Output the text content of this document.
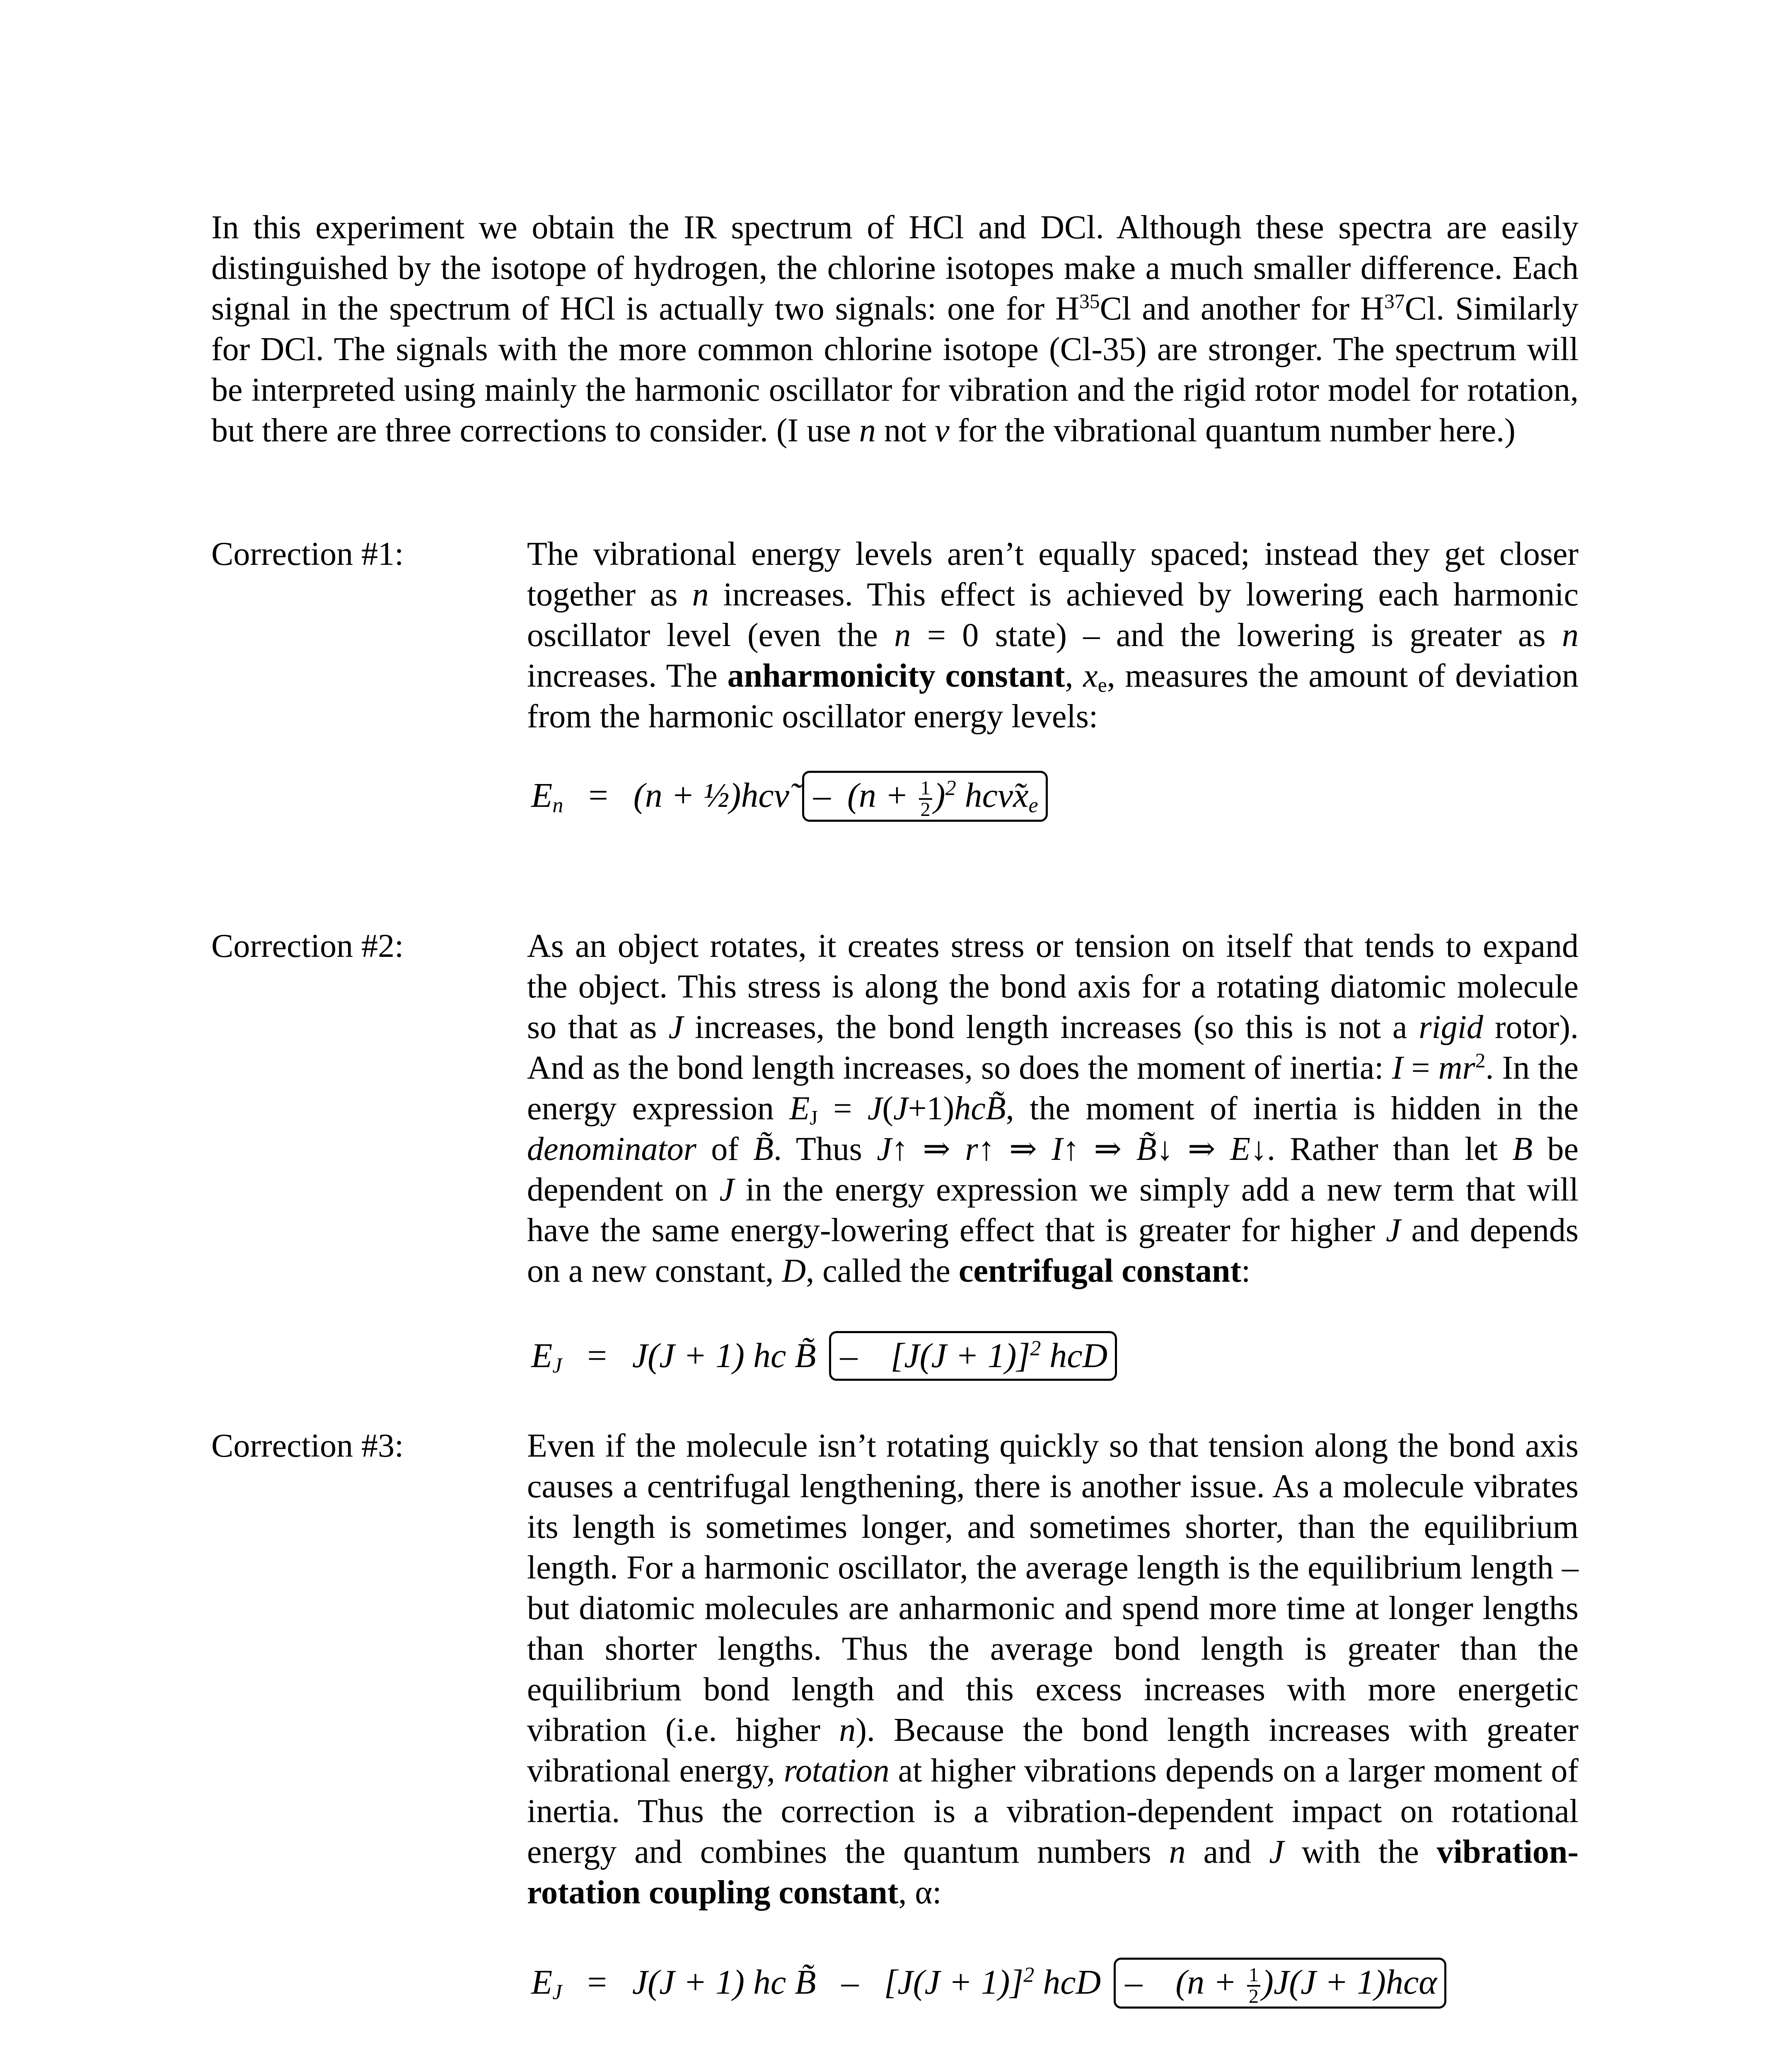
In this experiment we obtain the IR spectrum of HCl and DCl. Although these spectra are easily distinguished by the isotope of hydrogen, the chlorine isotopes make a much smaller difference. Each signal in the spectrum of HCl is actually two signals: one for $H^{35}Cl$ and another for $H^{37}Cl$. Similarly for DCl. The signals with the more common chlorine isotope (Cl-35) are stronger. The spectrum will be interpreted using mainly the harmonic oscillator for vibration and the rigid rotor model for rotation, but there are three corrections to consider. (I use n not v for the vibrational quantum number here.)

Correction #1:	The vibrational energy levels aren’t equally spaced; instead they get closer together as n increases. This effect is achieved by lowering each harmonic oscillator level (even the n = 0 state) – and the lowering is greater as n increases. The anharmonicity constant, $x_e$, measures the amount of deviation from the harmonic oscillator energy levels:

$E_n = (n$ + ½)hcν̃ – $(n + \frac{1}{2} )^2$ $hc\nũx_e$
Correction #2:	As an object rotates, it creates stress or tension on itself that tends to expand the object. This stress is along the bond axis for a rotating diatomic molecule so that as J increases, the bond length increases (so this is not a rigid rotor). And as the bond length increases, so does the moment of inertia: $I = mr^2$. In the energy expression $E_J$ = J(J+1)hcB̃, the moment of inertia is hidden in the denominator of B̃. Thus J↑ ⇒ r↑ ⇒ I↑ ⇒ B̃↓ ⇒ E↓. Rather than let B be dependent on J in the energy expression we simply add a new term that will have the same energy-lowering effect that is greater for higher J and depends on a new constant, D, called the centrifugal constant:

$E_J = J(J + 1)$ hc B̃ – $[J(J + 1)]^2$ hcD
Correction #3:	Even if the molecule isn’t rotating quickly so that tension along the bond axis causes a centrifugal lengthening, there is another issue. As a molecule vibrates its length is sometimes longer, and sometimes shorter, than the equilibrium length. For a harmonic oscillator, the average length is the equilibrium length – but diatomic molecules are anharmonic and spend more time at longer lengths than shorter lengths. Thus the average bond length is greater than the equilibrium bond length and this excess increases with more energetic vibration (i.e. higher n). Because the bond length increases with greater vibrational energy, rotation at higher vibrations depends on a larger moment of inertia. Thus the correction is a vibration-dependent impact on rotational energy and combines the quantum numbers n and J with the vibration-rotation coupling constant, α:

$E_J = J(J + 1)$ hc B̃ – $[J(J + 1)]^2$ hcD – $(n + \frac{1}{2} )J(J + 1)hc\alpha$
